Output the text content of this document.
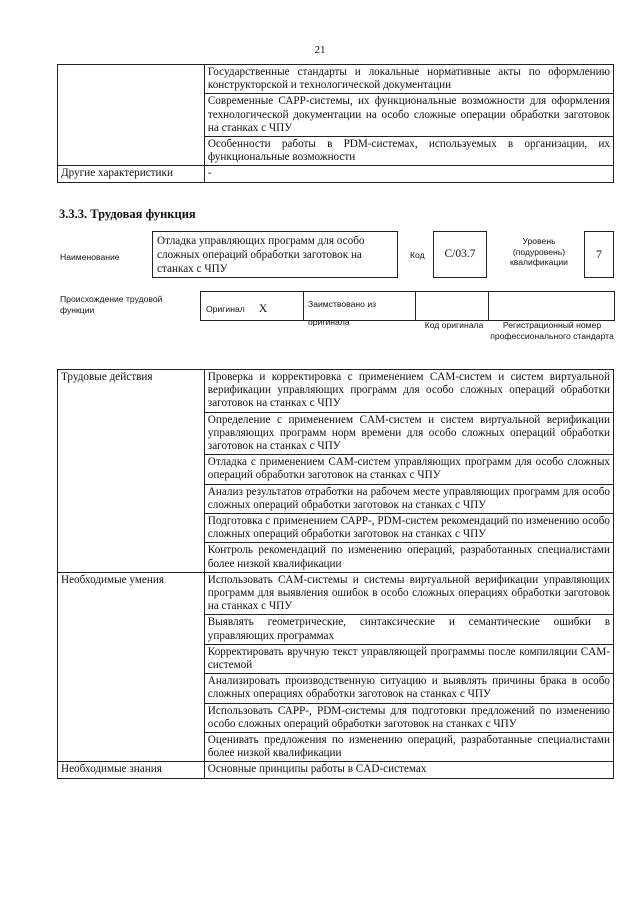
21
	Государственные стандарты и локальные нормативные акты по оформлению конструкторской и технологической документации
	Современные САРР-системы, их функциональные возможности для оформления технологической документации на особо сложные операции обработки заготовок на станках с ЧПУ
	Особенности работы в PDM-системах, используемых в организации, их функциональные возможности
Другие характеристики	-
3.3.3. Трудовая функция
Наименование
Отладка управляющих программ для особо сложных операций обработки заготовок на станках с ЧПУ
Код	C/03.7
Уровень (подуровень) квалификации
7
Происхождение трудовой функции	Оригинал X	Заимствовано из оригинала	Код оригинала	Регистрационный номер профессионального стандарта
Трудовые действия	Проверка и корректировка с применением CAM-систем и систем виртуальной верификации управляющих программ для особо сложных операций обработки заготовок на станках с ЧПУ
	Определение с применением CAM-систем и систем виртуальной верификации управляющих программ норм времени для особо сложных операций обработки заготовок на станках с ЧПУ
	Отладка с применением CAM-систем управляющих программ для особо сложных операций обработки заготовок на станках с ЧПУ
	Анализ результатов отработки на рабочем месте управляющих программ для особо сложных операций обработки заготовок на станках с ЧПУ
	Подготовка с применением САРР-, PDM-систем рекомендаций по изменению особо сложных операций обработки заготовок на станках с ЧПУ
	Контроль рекомендаций по изменению операций, разработанных специалистами более низкой квалификации
Необходимые умения	Использовать CAM-системы и системы виртуальной верификации управляющих программ для выявления ошибок в особо сложных операциях обработки заготовок на станках с ЧПУ
	Выявлять геометрические, синтаксические и семантические ошибки в управляющих программах
	Корректировать вручную текст управляющей программы после компиляции CAM-системой
	Анализировать производственную ситуацию и выявлять причины брака в особо сложных операциях обработки заготовок на станках с ЧПУ
	Использовать САРР-, PDM-системы для подготовки предложений по изменению особо сложных операций обработки заготовок на станках с ЧПУ
	Оценивать предложения по изменению операций, разработанные специалистами более низкой квалификации
Необходимые знания	Основные принципы работы в CAD-системах
